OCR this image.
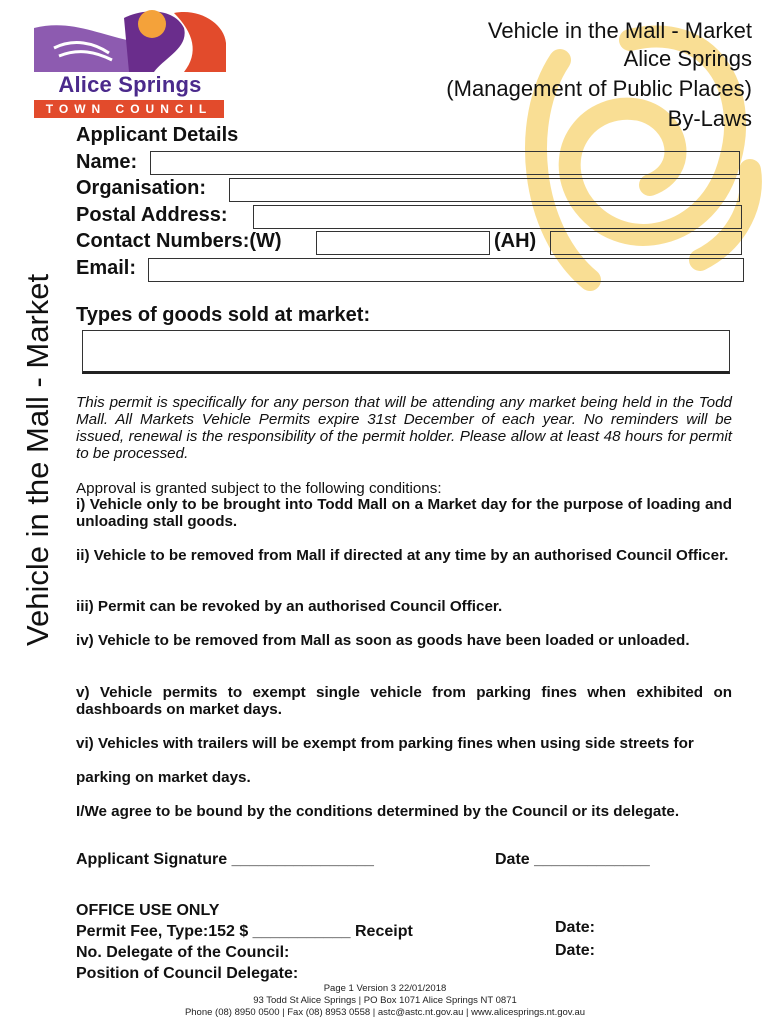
Alice Springs
TOWN COUNCIL
Vehicle in the Mall - Market
Alice Springs
(Management of Public Places)
By-Laws
Vehicle in the Mall - Market
Applicant Details
Name:
Organisation:
Postal Address:
Contact Numbers:(W)	(AH)
Email:
Types of goods sold at market:
This permit is specifically for any person that will be attending any market being held in the Todd Mall. All Markets Vehicle Permits expire 31st December of each year. No reminders will be issued, renewal is the responsibility of the permit holder. Please allow at least 48 hours for permit to be processed.
Approval is granted subject to the following conditions:
i) Vehicle only to be brought into Todd Mall on a Market day for the purpose of loading and unloading stall goods.
ii) Vehicle to be removed from Mall if directed at any time by an authorised Council Officer.
iii) Permit can be revoked by an authorised Council Officer.
iv) Vehicle to be removed from Mall as soon as goods have been loaded or unloaded.
v) Vehicle permits to exempt single vehicle from parking fines when exhibited on dashboards on market days.
vi) Vehicles with trailers will be exempt from parking fines when using side streets for
parking on market days.
I/We agree to be bound by the conditions determined by the Council or its delegate.
Applicant Signature ________________	Date _____________
OFFICE USE ONLY
Permit Fee, Type:152 $ ___________ Receipt
No. Delegate of the Council:
Position of Council Delegate:
Date:
Date:
Page 1 Version 3 22/01/2018
93 Todd St Alice Springs | PO Box 1071 Alice Springs NT 0871
Phone (08) 8950 0500 | Fax (08) 8953 0558 | astc@astc.nt.gov.au | www.alicesprings.nt.gov.au
